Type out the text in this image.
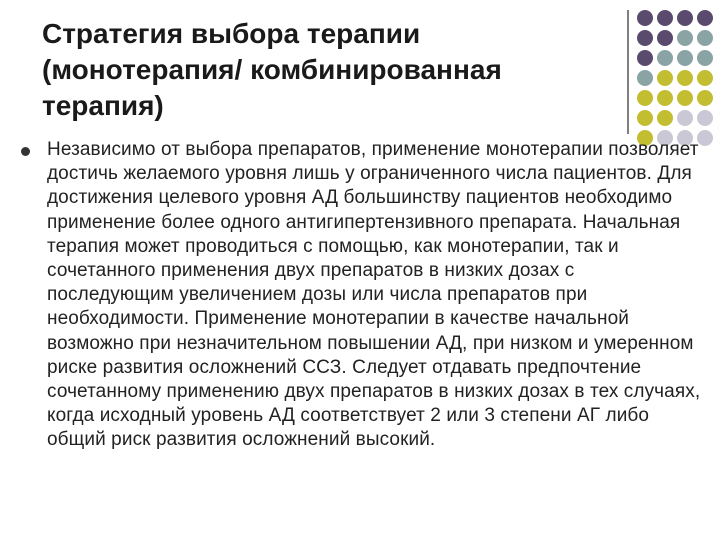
Стратегия выбора терапии (монотерапия/ комбинированная терапия)
Независимо от выбора препаратов, применение монотерапии позволяет достичь желаемого уровня лишь у ограниченного числа пациентов. Для достижения целевого уровня АД большинству пациентов необходимо применение более одного антигипертензивного препарата. Начальная терапия может проводиться с помощью, как монотерапии, так и сочетанного применения двух препаратов в низких дозах с последующим увеличением дозы или числа препаратов при необходимости. Применение монотерапии в качестве начальной возможно при незначительном повышении АД, при низком и умеренном риске развития осложнений ССЗ. Следует отдавать предпочтение сочетанному применению двух препаратов в низких дозах в тех случаях, когда исходный уровень АД соответствует 2 или 3 степени АГ либо общий риск развития осложнений высокий.
